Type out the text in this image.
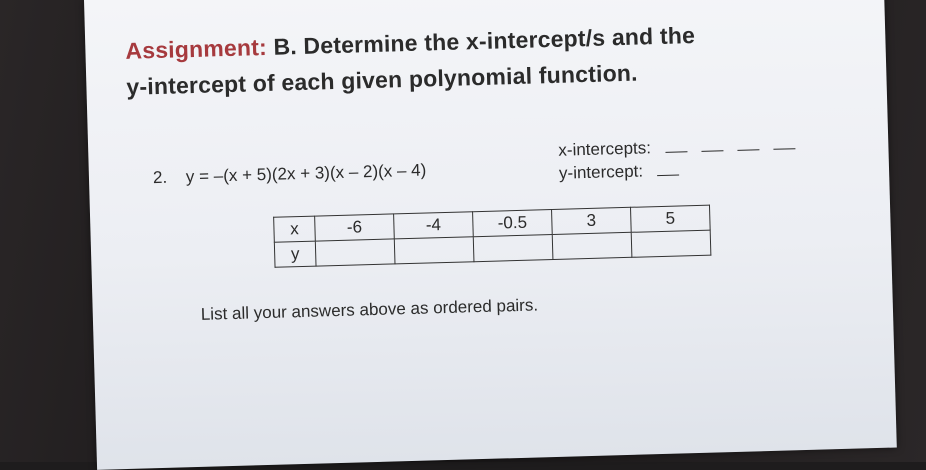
Assignment: B. Determine the x-intercept/s and the
y-intercept of each given polynomial function.
2. y = –(x + 5)(2x + 3)(x – 2)(x – 4)
x-intercepts:
y-intercept:
x	-6	-4	-0.5	3	5
y					
List all your answers above as ordered pairs.
